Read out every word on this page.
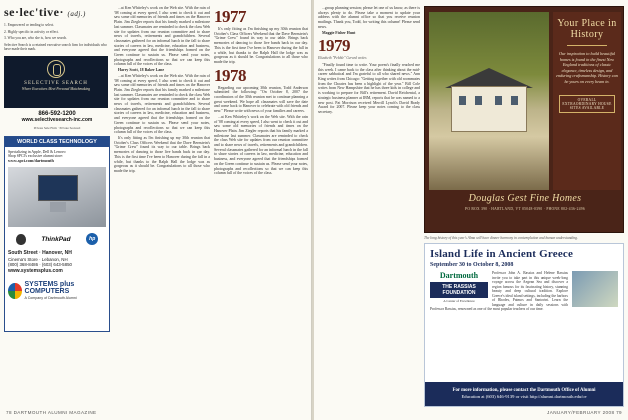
se·lec'tive· (adj.)

1. Empowered or tending to select.

2. Highly specific in activity or effect.

3. Who you are, who she is, how we search.

Selective Search is a retained executive search firm for individuals who have made their mark.

SELECTIVE SEARCH
Where Executives Meet Personal Matchmaking
866-592-1200
www.selectivesearch-inc.com
Private Sale Firm · Private Secured
WORLD CLASS TECHNOLOGY
Specializing in Apple, Dell & Lenovo
Shop SPCI's exclusive alumni store:
www.spci.com/dartmouth
ThinkPad	hp
South Street · Hanover, NH
Cinema's Store · Lebanon, NH
(800) 368-8486 · (603) 643-5850
www.systemsplus.com
SYSTEMS plus COMPUTERS
A Company of Dartmouth Alumni

...at Ken Whiteley's work on the Web site. With the rain of '08 coming at every speed, I also went to check it out and saw some old memories of friends and times on the Hanover Plain. Jim Ziegler reports that his family marked a milestone last summer. Classmates are reminded to check the class Web site for updates from our reunion committee and to share news of travels, retirements and grandchildren. Several classmates gathered for an informal lunch in the fall to share stories of careers in law, medicine, education and business, and everyone agreed that the friendships formed on the Green continue to sustain us. Please send your notes, photographs and recollections so that we can keep this column full of the voices of the class.

Harry Scott, 18 Baker Lane

...at Ken Whiteley's work on the Web site. With the rain of '08 coming at every speed, I also went to check it out and saw some old memories of friends and times on the Hanover Plain. Jim Ziegler reports that his family marked a milestone last summer. Classmates are reminded to check the class Web site for updates from our reunion committee and to share news of travels, retirements and grandchildren. Several classmates gathered for an informal lunch in the fall to share stories of careers in law, medicine, education and business, and everyone agreed that the friendships formed on the Green continue to sustain us. Please send your notes, photographs and recollections so that we can keep this column full of the voices of the class.

It's only fitting as I'm finishing up my 30th reunion that October's Class Officers Weekend that the Dave Bernstein's "Grime Crew" found its way to our table. Brings back memories of dancing to those live bands back in our day. This is the first time I've been to Hanover during the fall in a while, but thanks to the Ralph Hall the lodge was as gorgeous as it should be. Congratulations to all those who made the trip.

1977

It's only fitting as I'm finishing up my 30th reunion that October's Class Officers Weekend that the Dave Bernstein's "Grime Crew" found its way to our table. Brings back memories of dancing to those live bands back in our day. This is the first time I've been to Hanover during the fall in a while, but thanks to the Ralph Hall the lodge was as gorgeous as it should be. Congratulations to all those who made the trip.

1978

Regarding our upcoming 30th reunion, Todd Anderson submitted the following: "On October 8, 2007 the coordinators of the 30th reunion met to continue planning a great weekend. We hope all classmates will save the date and come back to Hanover to celebrate with old friends and new." Please write with news of your families and careers.

...at Ken Whiteley's work on the Web site. With the rain of '08 coming at every speed, I also went to check it out and saw some old memories of friends and times on the Hanover Plain. Jim Ziegler reports that his family marked a milestone last summer. Classmates are reminded to check the class Web site for updates from our reunion committee and to share news of travels, retirements and grandchildren. Several classmates gathered for an informal lunch in the fall to share stories of careers in law, medicine, education and business, and everyone agreed that the friendships formed on the Green continue to sustain us. Please send your notes, photographs and recollections so that we can keep this column full of the voices of the class.

78 DARTMOUTH ALUMNI MAGAZINE

...group planning session; please let one of us know, as there is always plenty to do. Please take a moment to update your address with the alumni office so that you receive reunion mailings. Thank you, Todd, for writing this column! Please send news.

Maggie Fisher Hunt

1979
Elizabeth "Pebble" Gerard writes

"Finally found time to write. Your poem's finally reached me this week. I came back to the class after thinking about the mid-career sabbatical and I'm grateful to all who shared news." Ann King writes from Chicago: "Getting together with old roommates from the Choates has been a highlight of the year." Bill Cole writes from New Hampshire that he has three kids in college and is working to prepare for Bill's retirement. David Reichental, a strategic business planner at IBM, reports that he was named to a new post. Pat Morrison received Merrill Lynch's David Brady Award for 2007. Please keep your notes coming to the class secretary.

Your Place in History
Our inspiration to build beautiful homes is found in the finest New England traditions of classic elegance, timeless design, and enduring craftsmanship. History can be yours on every beam in.
OVERALL EXTRAORDINARY HOUSE SITES AVAILABLE
Douglas Gest Fine Homes
PO BOX 390 · HARTLAND, VT 05048-0390 · PHONE 802-436-2496
The long history of this year's Alma will have dinner harmony in contemplation and human understanding.
Island Life in Ancient Greece
September 30 to October 8, 2008
Dartmouth
THE RASSIAS FOUNDATION
A Center of Excellence
Professor John A. Rassias and Helene Rassias invite you to take part in this unique week-long voyage across the Aegean Sea and discover a region famous for its fascinating history, stunning beauty and deep cultural tradition. Explore Greece's ideal island settings, including the harbors of Rhodes, Patmos and Santorini. Learn the language and culture in daily sessions with Professor Rassias, renowned as one of the most popular teachers of our time.
For more information, please contact the Dartmouth Office of Alumni
Education at (603) 646-9139 or visit http://alumni.dartmouth.edu/ce
JANUARY/FEBRUARY 2008 79
